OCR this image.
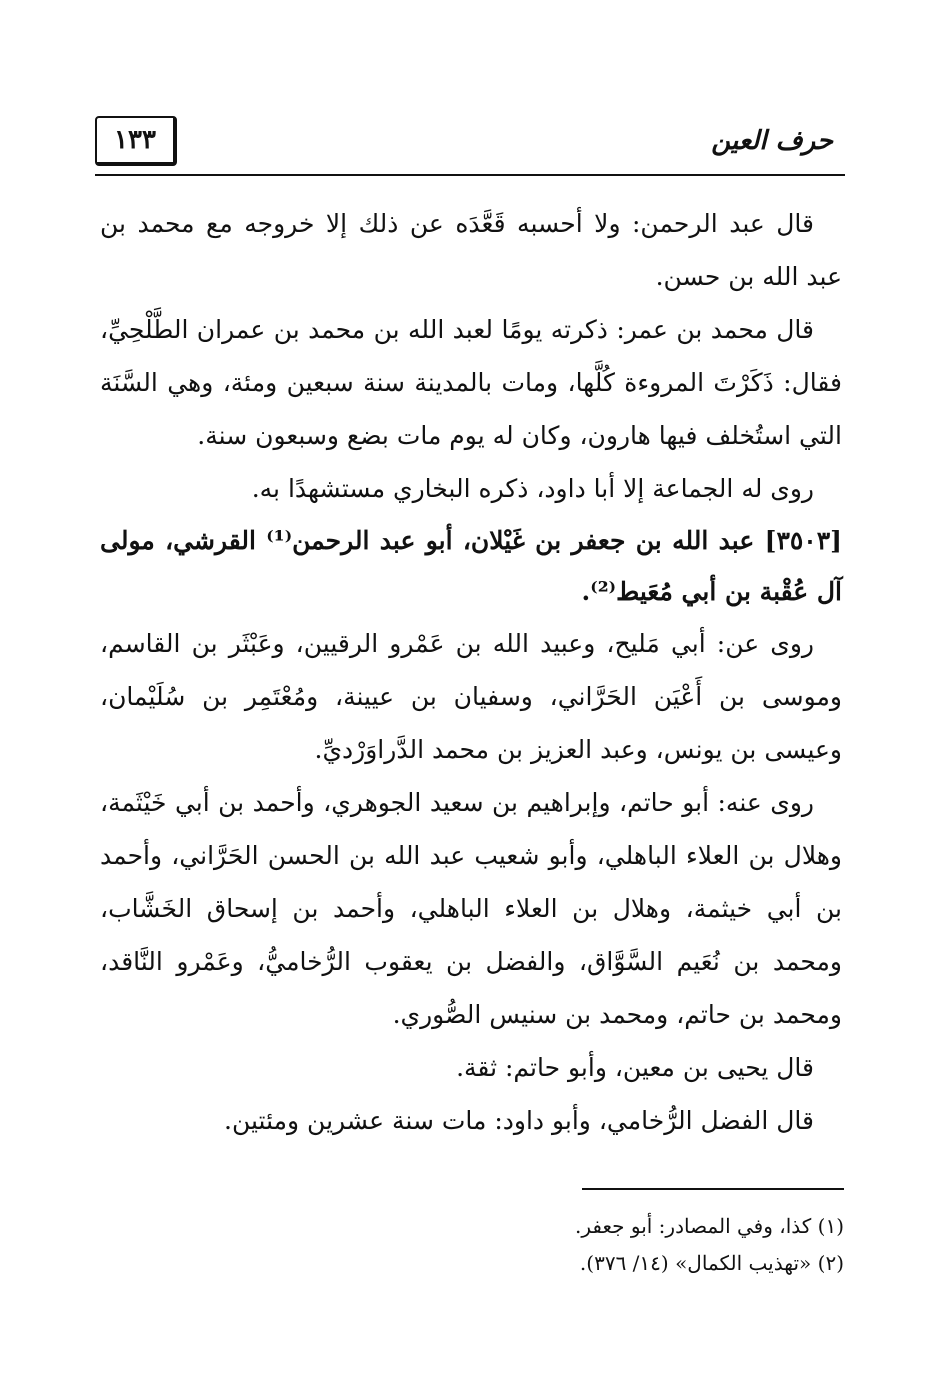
١٣٣	حرف العين

قال عبد الرحمن: ولا أحسبه قَعَّدَه عن ذلك إلا خروجه مع محمد بن عبد الله بن حسن.

قال محمد بن عمر: ذكرته يومًا لعبد الله بن محمد بن عمران الطَّلْحِيِّ، فقال: ذَكَرْتَ المروءة كُلَّها، ومات بالمدينة سنة سبعين ومئة، وهي السَّنَة التي استُخلف فيها هارون، وكان له يوم مات بضع وسبعون سنة.

روى له الجماعة إلا أبا داود، ذكره البخاري مستشهدًا به.

[٣٥٠٣] عبد الله بن جعفر بن غَيْلان، أبو عبد الرحمن⁽¹⁾ القرشي، مولى آل عُقْبة بن أبي مُعَيط⁽²⁾.

روى عن: أبي مَليح، وعبيد الله بن عَمْرو الرقيين، وعَبْثَر بن القاسم، وموسى بن أَعْيَن الحَرَّاني، وسفيان بن عيينة، ومُعْتَمِر بن سُلَيْمان، وعيسى بن يونس، وعبد العزيز بن محمد الدَّراوَرْديِّ.

روى عنه: أبو حاتم، وإبراهيم بن سعيد الجوهري، وأحمد بن أبي خَيْثَمة، وهلال بن العلاء الباهلي، وأبو شعيب عبد الله بن الحسن الحَرَّاني، وأحمد بن أبي خيثمة، وهلال بن العلاء الباهلي، وأحمد بن إسحاق الخَشَّاب، ومحمد بن نُعَيم السَّوَّاق، والفضل بن يعقوب الرُّخاميُّ، وعَمْرو النَّاقد، ومحمد بن حاتم، ومحمد بن سنيس الصُّوري.

قال يحيى بن معين، وأبو حاتم: ثقة.

قال الفضل الرُّخامي، وأبو داود: مات سنة عشرين ومئتين.

(١) كذا، وفي المصادر: أبو جعفر.

(٢) «تهذيب الكمال» (١٤/ ٣٧٦).
